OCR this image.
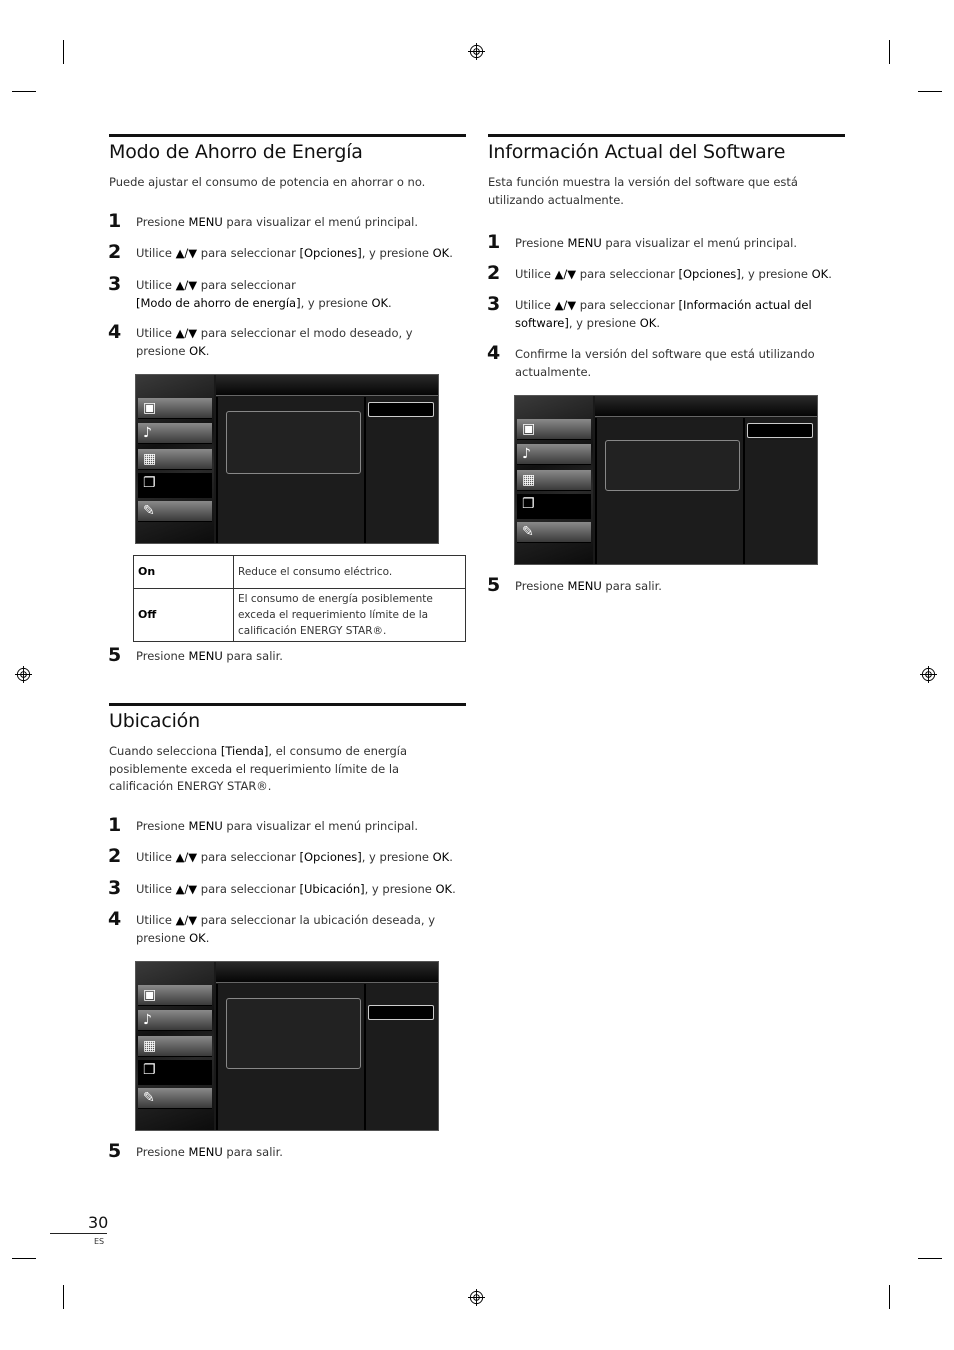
Modo de Ahorro de Energía
Puede ajustar el consumo de potencia en ahorrar o no.
1 Presione MENU para visualizar el menú principal.
2 Utilice ▲/▼ para seleccionar [Opciones], y presione OK.
3 Utilice ▲/▼ para seleccionar
[Modo de ahorro de energía], y presione OK.
4 Utilice ▲/▼ para seleccionar el modo deseado, y presione OK.
▣
♪
▦
❐
✎
On	Reduce el consumo eléctrico.
Off	El consumo de energía posiblemente exceda el requerimiento límite de la calificación ENERGY STAR®.
5 Presione MENU para salir.
Ubicación
Cuando selecciona [Tienda], el consumo de energía posiblemente exceda el requerimiento límite de la calificación ENERGY STAR®.
1 Presione MENU para visualizar el menú principal.
2 Utilice ▲/▼ para seleccionar [Opciones], y presione OK.
3 Utilice ▲/▼ para seleccionar [Ubicación], y presione OK.
4 Utilice ▲/▼ para seleccionar la ubicación deseada, y presione OK.
▣
♪
▦
❐
✎
5 Presione MENU para salir.
Información Actual del Software
Esta función muestra la versión del software que está utilizando actualmente.
1 Presione MENU para visualizar el menú principal.
2 Utilice ▲/▼ para seleccionar [Opciones], y presione OK.
3 Utilice ▲/▼ para seleccionar [Información actual del software], y presione OK.
4 Confirme la versión del software que está utilizando actualmente.
▣
♪
▦
❐
✎
5 Presione MENU para salir.
30
ES
